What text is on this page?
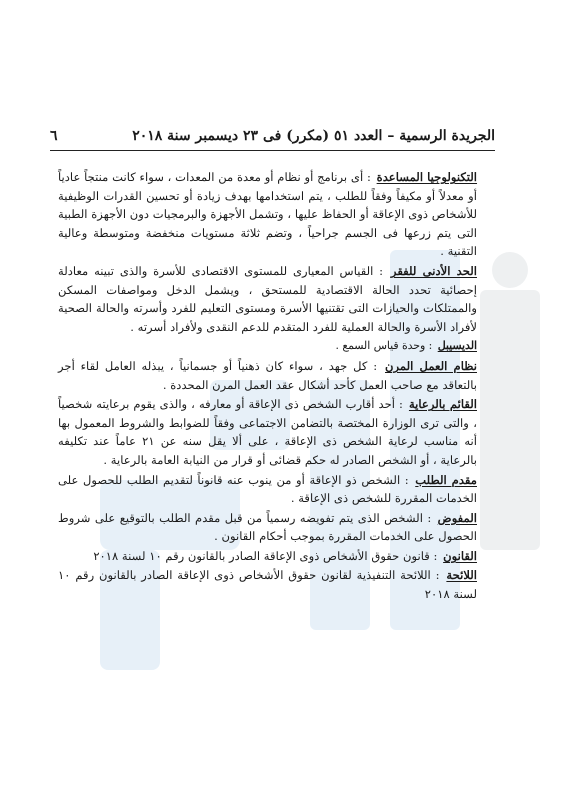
الجريدة الرسمية – العدد ٥١ (مكرر) فى ٢٣ ديسمبر سنة ٢٠١٨
٦

التكنولوجيا المساعدة : أى برنامج أو نظام أو معدة من المعدات ، سواء كانت منتجاً عادياً أو معدلاً أو مكيفاً وفقاً للطلب ، يتم استخدامها بهدف زيادة أو تحسين القدرات الوظيفية للأشخاص ذوى الإعاقة أو الحفاظ عليها ، وتشمل الأجهزة والبرمجيات دون الأجهزة الطبية التى يتم زرعها فى الجسم جراحياً ، وتضم ثلاثة مستويات منخفضة ومتوسطة وعالية التقنية .

الحد الأدنى للفقر : القياس المعيارى للمستوى الاقتصادى للأسرة والذى تبينه معادلة إحصائية تحدد الحالة الاقتصادية للمستحق ، ويشمل الدخل ومواصفات المسكن والممتلكات والحيازات التى تقتنيها الأسرة ومستوى التعليم للفرد وأسرته والحالة الصحية لأفراد الأسرة والحالة العملية للفرد المتقدم للدعم النقدى ولأفراد أسرته .

الديسيبل : وحدة قياس السمع .

نظام العمل المرن : كل جهد ، سواء كان ذهنياً أو جسمانياً ، يبذله العامل لقاء أجر بالتعاقد مع صاحب العمل كأحد أشكال عقد العمل المرن المحددة .

القائم بالرعاية : أحد أقارب الشخص ذى الإعاقة أو معارفه ، والذى يقوم برعايته شخصياً ، والتى ترى الوزارة المختصة بالتضامن الاجتماعى وفقاً للضوابط والشروط المعمول بها أنه مناسب لرعاية الشخص ذى الإعاقة ، على ألا يقل سنه عن ٢١ عاماً عند تكليفه بالرعاية ، أو الشخص الصادر له حكم قضائى أو قرار من النيابة العامة بالرعاية .

مقدم الطلب : الشخص ذو الإعاقة أو من ينوب عنه قانوناً لتقديم الطلب للحصول على الخدمات المقررة للشخص ذى الإعاقة .

المفوض : الشخص الذى يتم تفويضه رسمياً من قبل مقدم الطلب بالتوقيع على شروط الحصول على الخدمات المقررة بموجب أحكام القانون .

القانون : قانون حقوق الأشخاص ذوى الإعاقة الصادر بالقانون رقم ١٠ لسنة ٢٠١٨

اللائحة : اللائحة التنفيذية لقانون حقوق الأشخاص ذوى الإعاقة الصادر بالقانون رقم ١٠ لسنة ٢٠١٨
